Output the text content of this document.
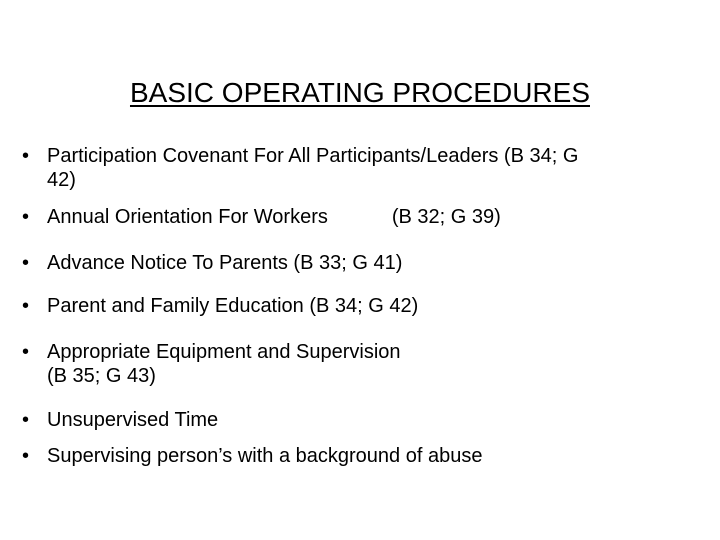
BASIC OPERATING PROCEDURES
• Participation Covenant For All Participants/Leaders (B 34; G
42)
• Annual Orientation For Workers	(B 32; G 39)
• Advance Notice To Parents (B 33; G 41)
• Parent and Family Education (B 34; G 42)
• Appropriate Equipment and Supervision
(B 35; G 43)
• Unsupervised Time
• Supervising person’s with a background of abuse
